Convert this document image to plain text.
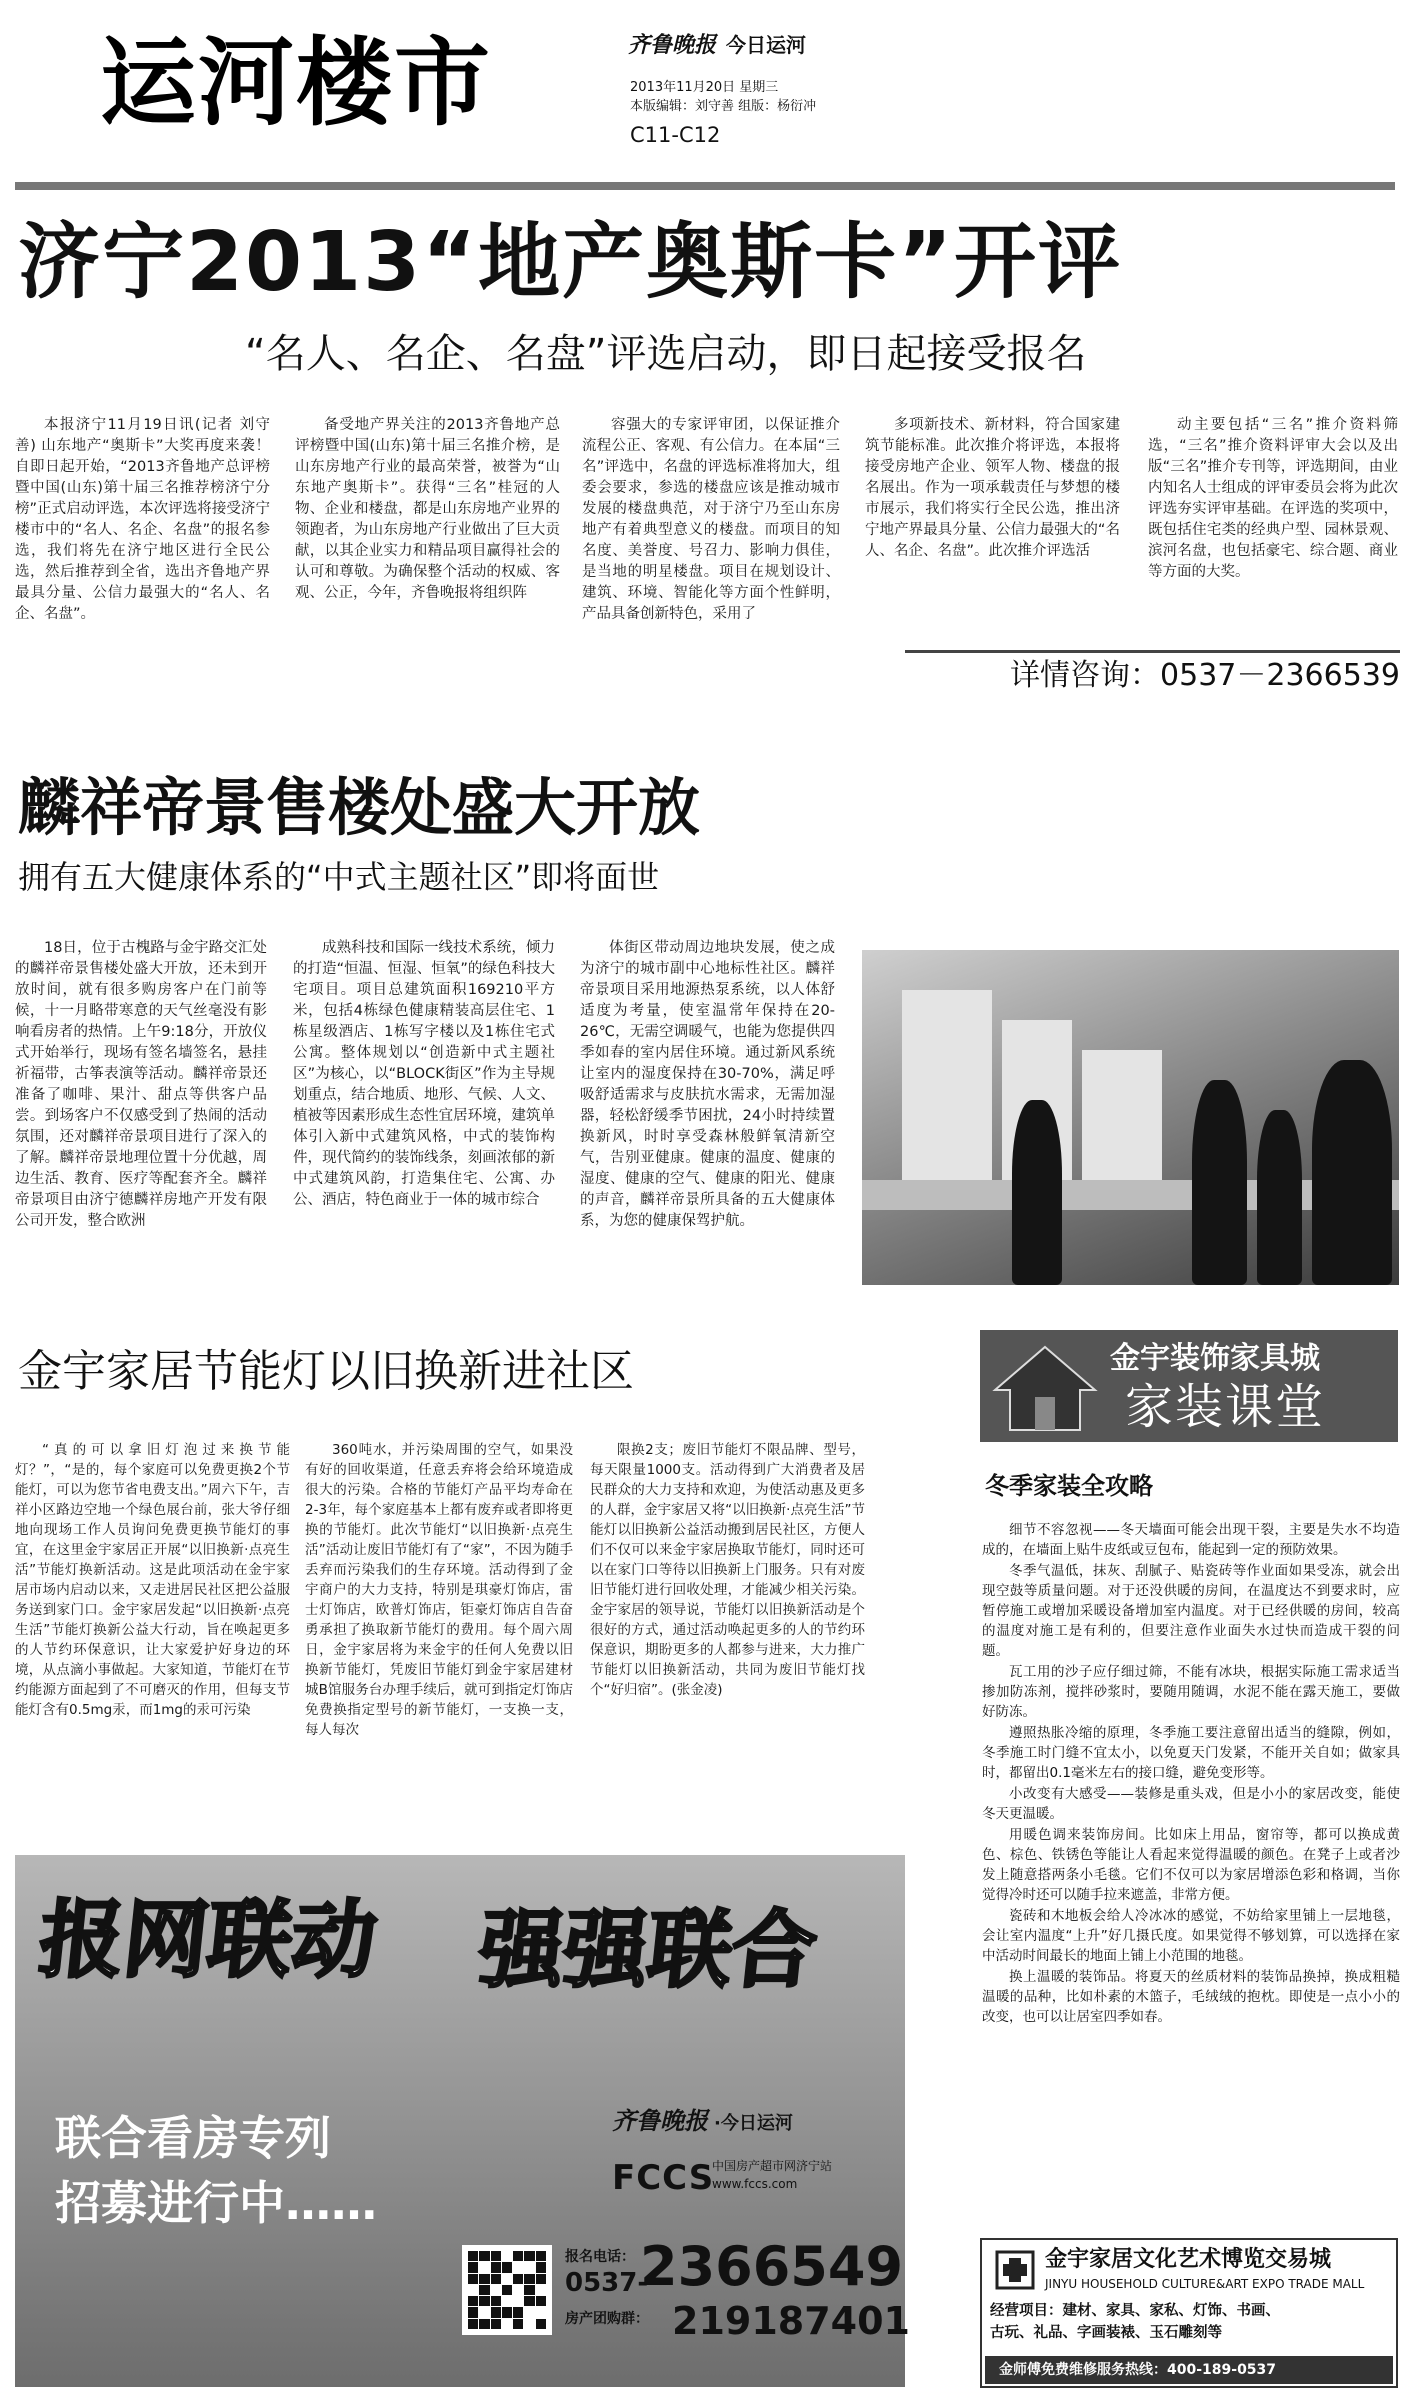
运河楼市	齐鲁晚报 今日运河
2013年11月20日 星期三
本版编辑：刘守善 组版：杨衍冲
C11-C12
济宁2013“地产奥斯卡”开评
“名人、名企、名盘”评选启动，即日起接受报名

本报济宁11月19日讯(记者 刘守善) 山东地产“奥斯卡”大奖再度来袭！自即日起开始，“2013齐鲁地产总评榜暨中国(山东)第十届三名推荐榜济宁分榜”正式启动评选，本次评选将接受济宁楼市中的“名人、名企、名盘”的报名参选，我们将先在济宁地区进行全民公选，然后推荐到全省，选出齐鲁地产界最具分量、公信力最强大的“名人、名企、名盘”。

备受地产界关注的2013齐鲁地产总评榜暨中国(山东)第十届三名推介榜，是山东房地产行业的最高荣誉，被誉为“山东地产奥斯卡”。获得“三名”桂冠的人物、企业和楼盘，都是山东房地产业界的领跑者，为山东房地产行业做出了巨大贡献，以其企业实力和精品项目赢得社会的认可和尊敬。为确保整个活动的权威、客观、公正，今年，齐鲁晚报将组织阵

容强大的专家评审团，以保证推介流程公正、客观、有公信力。在本届“三名”评选中，名盘的评选标准将加大，组委会要求，参选的楼盘应该是推动城市发展的楼盘典范，对于济宁乃至山东房地产有着典型意义的楼盘。而项目的知名度、美誉度、号召力、影响力俱佳，是当地的明星楼盘。项目在规划设计、建筑、环境、智能化等方面个性鲜明，产品具备创新特色，采用了

多项新技术、新材料，符合国家建筑节能标准。此次推介将评选，本报将接受房地产企业、领军人物、楼盘的报名展出。作为一项承载责任与梦想的楼市展示，我们将实行全民公选，推出济宁地产界最具分量、公信力最强大的“名人、名企、名盘”。此次推介评选活

动主要包括“三名”推介资料筛选，“三名”推介资料评审大会以及出版“三名”推介专刊等，评选期间，由业内知名人士组成的评审委员会将为此次评选夯实评审基础。在评选的奖项中，既包括住宅类的经典户型、园林景观、滨河名盘，也包括豪宅、综合题、商业等方面的大奖。

详情咨询：0537－2366539
麟祥帝景售楼处盛大开放
拥有五大健康体系的“中式主题社区”即将面世

18日，位于古槐路与金宇路交汇处的麟祥帝景售楼处盛大开放，还未到开放时间，就有很多购房客户在门前等候，十一月略带寒意的天气丝毫没有影响看房者的热情。上午9:18分，开放仪式开始举行，现场有签名墙签名，悬挂祈福带，古筝表演等活动。麟祥帝景还准备了咖啡、果汁、甜点等供客户品尝。到场客户不仅感受到了热闹的活动氛围，还对麟祥帝景项目进行了深入的了解。麟祥帝景地理位置十分优越，周边生活、教育、医疗等配套齐全。麟祥帝景项目由济宁德麟祥房地产开发有限公司开发，整合欧洲

成熟科技和国际一线技术系统，倾力的打造“恒温、恒湿、恒氧”的绿色科技大宅项目。项目总建筑面积169210平方米，包括4栋绿色健康精装高层住宅、1栋星级酒店、1栋写字楼以及1栋住宅式公寓。整体规划以“创造新中式主题社区”为核心，以“BLOCK街区”作为主导规划重点，结合地质、地形、气候、人文、植被等因素形成生态性宜居环境，建筑单体引入新中式建筑风格，中式的装饰构件，现代简约的装饰线条，刻画浓郁的新中式建筑风韵，打造集住宅、公寓、办公、酒店，特色商业于一体的城市综合

体街区带动周边地块发展，使之成为济宁的城市副中心地标性社区。麟祥帝景项目采用地源热泵系统，以人体舒适度为考量，使室温常年保持在20-26℃，无需空调暖气，也能为您提供四季如春的室内居住环境。通过新风系统让室内的湿度保持在30-70%，满足呼吸舒适需求与皮肤抗水需求，无需加湿器，轻松舒缓季节困扰，24小时持续置换新风，时时享受森林般鲜氧清新空气，告别亚健康。健康的温度、健康的湿度、健康的空气、健康的阳光、健康的声音，麟祥帝景所具备的五大健康体系，为您的健康保驾护航。

金宇家居节能灯以旧换新进社区

“真的可以拿旧灯泡过来换节能灯？”，“是的，每个家庭可以免费更换2个节能灯，可以为您节省电费支出。”周六下午，吉祥小区路边空地一个绿色展台前，张大爷仔细地向现场工作人员询问免费更换节能灯的事宜，在这里金宇家居正开展“以旧换新·点亮生活”节能灯换新活动。这是此项活动在金宇家居市场内启动以来，又走进居民社区把公益服务送到家门口。金宇家居发起“以旧换新·点亮生活”节能灯换新公益大行动，旨在唤起更多的人节约环保意识，让大家爱护好身边的环境，从点滴小事做起。大家知道，节能灯在节约能源方面起到了不可磨灭的作用，但每支节能灯含有0.5mg汞，而1mg的汞可污染

360吨水，并污染周围的空气，如果没有好的回收渠道，任意丢弃将会给环境造成很大的污染。合格的节能灯产品平均寿命在2-3年，每个家庭基本上都有废弃或者即将更换的节能灯。此次节能灯“以旧换新·点亮生活”活动让废旧节能灯有了“家”，不因为随手丢弃而污染我们的生存环境。活动得到了金宇商户的大力支持，特别是琪豪灯饰店，雷士灯饰店，欧普灯饰店，钜豪灯饰店自告奋勇承担了换取新节能灯的费用。每个周六周日，金宇家居将为来金宇的任何人免费以旧换新节能灯，凭废旧节能灯到金宇家居建材城B馆服务台办理手续后，就可到指定灯饰店免费换指定型号的新节能灯，一支换一支，每人每次

限换2支；废旧节能灯不限品牌、型号，每天限量1000支。活动得到广大消费者及居民群众的大力支持和欢迎，为使活动惠及更多的人群，金宇家居又将“以旧换新·点亮生活”节能灯以旧换新公益活动搬到居民社区，方便人们不仅可以来金宇家居换取节能灯，同时还可以在家门口等待以旧换新上门服务。只有对废旧节能灯进行回收处理，才能减少相关污染。金宇家居的领导说，节能灯以旧换新活动是个很好的方式，通过活动唤起更多的人的节约环保意识，期盼更多的人都参与进来，大力推广节能灯以旧换新活动，共同为废旧节能灯找个“好归宿”。(张金凌)

金宇装饰家具城
家装课堂
冬季家装全攻略

细节不容忽视——冬天墙面可能会出现干裂，主要是失水不均造成的，在墙面上贴牛皮纸或豆包布，能起到一定的预防效果。

冬季气温低，抹灰、刮腻子、贴瓷砖等作业面如果受冻，就会出现空鼓等质量问题。对于还没供暖的房间，在温度达不到要求时，应暂停施工或增加采暖设备增加室内温度。对于已经供暖的房间，较高的温度对施工是有利的，但要注意作业面失水过快而造成干裂的问题。

瓦工用的沙子应仔细过筛，不能有冰块，根据实际施工需求适当掺加防冻剂，搅拌砂浆时，要随用随调，水泥不能在露天施工，要做好防冻。

遵照热胀冷缩的原理，冬季施工要注意留出适当的缝隙，例如，冬季施工时门缝不宜太小，以免夏天门发紧，不能开关自如；做家具时，都留出0.1毫米左右的接口缝，避免变形等。

小改变有大感受——装修是重头戏，但是小小的家居改变，能使冬天更温暖。

用暖色调来装饰房间。比如床上用品，窗帘等，都可以换成黄色、棕色、铁锈色等能让人看起来觉得温暖的颜色。在凳子上或者沙发上随意搭两条小毛毯。它们不仅可以为家居增添色彩和格调，当你觉得冷时还可以随手拉来遮盖，非常方便。

瓷砖和木地板会给人冷冰冰的感觉，不妨给家里铺上一层地毯，会让室内温度“上升”好几摄氏度。如果觉得不够划算，可以选择在家中活动时间最长的地面上铺上小范围的地毯。

换上温暖的装饰品。将夏天的丝质材料的装饰品换掉，换成粗糙温暖的品种，比如朴素的木篮子，毛绒绒的抱枕。即使是一点小小的改变，也可以让居室四季如春。

金宇家居文化艺术博览交易城
JINYU HOUSEHOLD CULTURE&ART EXPO TRADE MALL
经营项目：建材、家具、家私、灯饰、书画、
古玩、礼品、字画装裱、玉石雕刻等
金师傅免费维修服务热线：400-189-0537
报网联动 强强联合
联合看房专列
招募进行中……
齐鲁晚报 ·今日运河
FCCS
中国房产超市网济宁站
www.fccs.com
报名电话：
0537-
2366549
房产团购群： 219187401
